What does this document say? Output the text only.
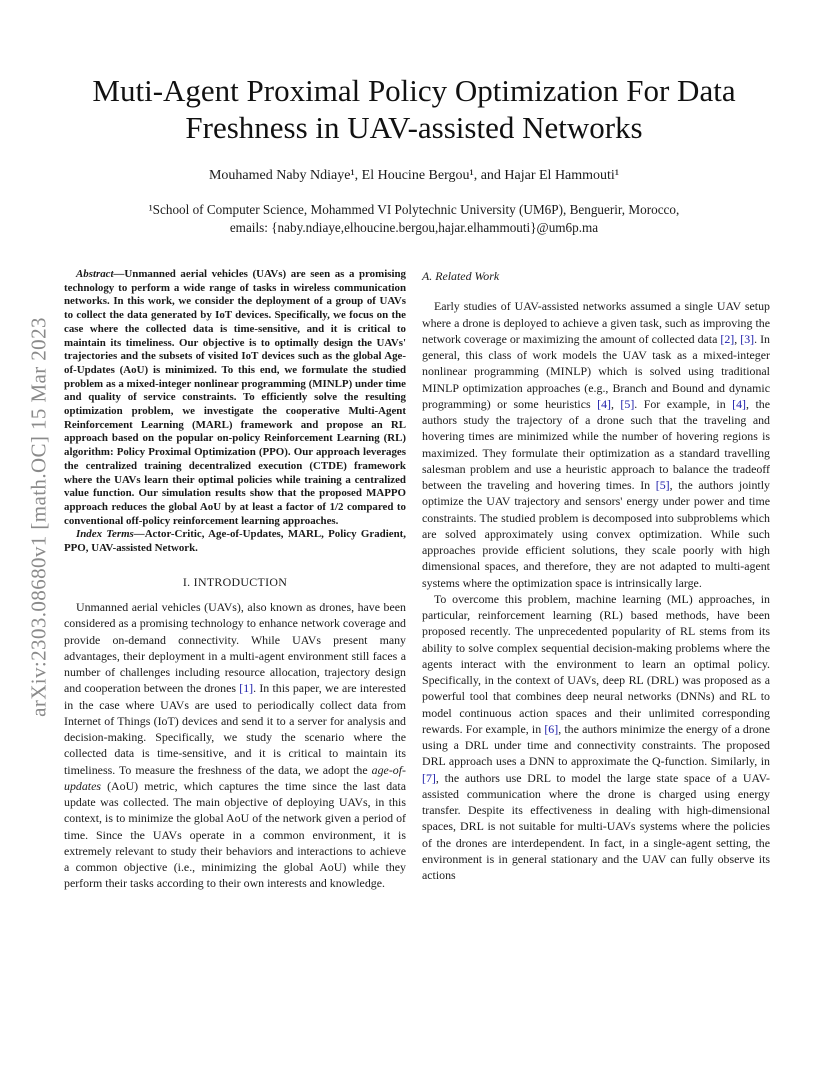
Muti-Agent Proximal Policy Optimization For Data Freshness in UAV-assisted Networks
Mouhamed Naby Ndiaye¹, El Houcine Bergou¹, and Hajar El Hammouti¹
¹School of Computer Science, Mohammed VI Polytechnic University (UM6P), Benguerir, Morocco,
emails: {naby.ndiaye,elhoucine.bergou,hajar.elhammouti}@um6p.ma
arXiv:2303.08680v1 [math.OC] 15 Mar 2023

Abstract—Unmanned aerial vehicles (UAVs) are seen as a promising technology to perform a wide range of tasks in wireless communication networks. In this work, we consider the deployment of a group of UAVs to collect the data generated by IoT devices. Specifically, we focus on the case where the collected data is time-sensitive, and it is critical to maintain its timeliness. Our objective is to optimally design the UAVs' trajectories and the subsets of visited IoT devices such as the global Age-of-Updates (AoU) is minimized. To this end, we formulate the studied problem as a mixed-integer nonlinear programming (MINLP) under time and quality of service constraints. To efficiently solve the resulting optimization problem, we investigate the cooperative Multi-Agent Reinforcement Learning (MARL) framework and propose an RL approach based on the popular on-policy Reinforcement Learning (RL) algorithm: Policy Proximal Optimization (PPO). Our approach leverages the centralized training decentralized execution (CTDE) framework where the UAVs learn their optimal policies while training a centralized value function. Our simulation results show that the proposed MAPPO approach reduces the global AoU by at least a factor of 1/2 compared to conventional off-policy reinforcement learning approaches.

Index Terms—Actor-Critic, Age-of-Updates, MARL, Policy Gradient, PPO, UAV-assisted Network.

I. INTRODUCTION

Unmanned aerial vehicles (UAVs), also known as drones, have been considered as a promising technology to enhance network coverage and provide on-demand connectivity. While UAVs present many advantages, their deployment in a multi-agent environment still faces a number of challenges including resource allocation, trajectory design and cooperation between the drones [1]. In this paper, we are interested in the case where UAVs are used to periodically collect data from Internet of Things (IoT) devices and send it to a server for analysis and decision-making. Specifically, we study the scenario where the collected data is time-sensitive, and it is critical to maintain its timeliness. To measure the freshness of the data, we adopt the age-of-updates (AoU) metric, which captures the time since the last data update was collected. The main objective of deploying UAVs, in this context, is to minimize the global AoU of the network given a period of time. Since the UAVs operate in a common environment, it is extremely relevant to study their behaviors and interactions to achieve a common objective (i.e., minimizing the global AoU) while they perform their tasks according to their own interests and knowledge.

A. Related Work

Early studies of UAV-assisted networks assumed a single UAV setup where a drone is deployed to achieve a given task, such as improving the network coverage or maximizing the amount of collected data [2], [3]. In general, this class of work models the UAV task as a mixed-integer nonlinear programming (MINLP) which is solved using traditional MINLP optimization approaches (e.g., Branch and Bound and dynamic programming) or some heuristics [4], [5]. For example, in [4], the authors study the trajectory of a drone such that the traveling and hovering times are minimized while the number of hovering regions is maximized. They formulate their optimization as a standard travelling salesman problem and use a heuristic approach to balance the tradeoff between the traveling and hovering times. In [5], the authors jointly optimize the UAV trajectory and sensors' energy under power and time constraints. The studied problem is decomposed into subproblems which are solved approximately using convex optimization. While such approaches provide efficient solutions, they scale poorly with high dimensional spaces, and therefore, they are not adapted to multi-agent systems where the optimization space is intrinsically large.

To overcome this problem, machine learning (ML) approaches, in particular, reinforcement learning (RL) based methods, have been proposed recently. The unprecedented popularity of RL stems from its ability to solve complex sequential decision-making problems where the agents interact with the environment to learn an optimal policy. Specifically, in the context of UAVs, deep RL (DRL) was proposed as a powerful tool that combines deep neural networks (DNNs) and RL to model continuous action spaces and their unlimited corresponding rewards. For example, in [6], the authors minimize the energy of a drone using a DRL under time and connectivity constraints. The proposed DRL approach uses a DNN to approximate the Q-function. Similarly, in [7], the authors use DRL to model the large state space of a UAV-assisted communication where the drone is charged using energy transfer. Despite its effectiveness in dealing with high-dimensional spaces, DRL is not suitable for multi-UAVs systems where the policies of the drones are interdependent. In fact, in a single-agent setting, the environment is in general stationary and the UAV can fully observe its actions
